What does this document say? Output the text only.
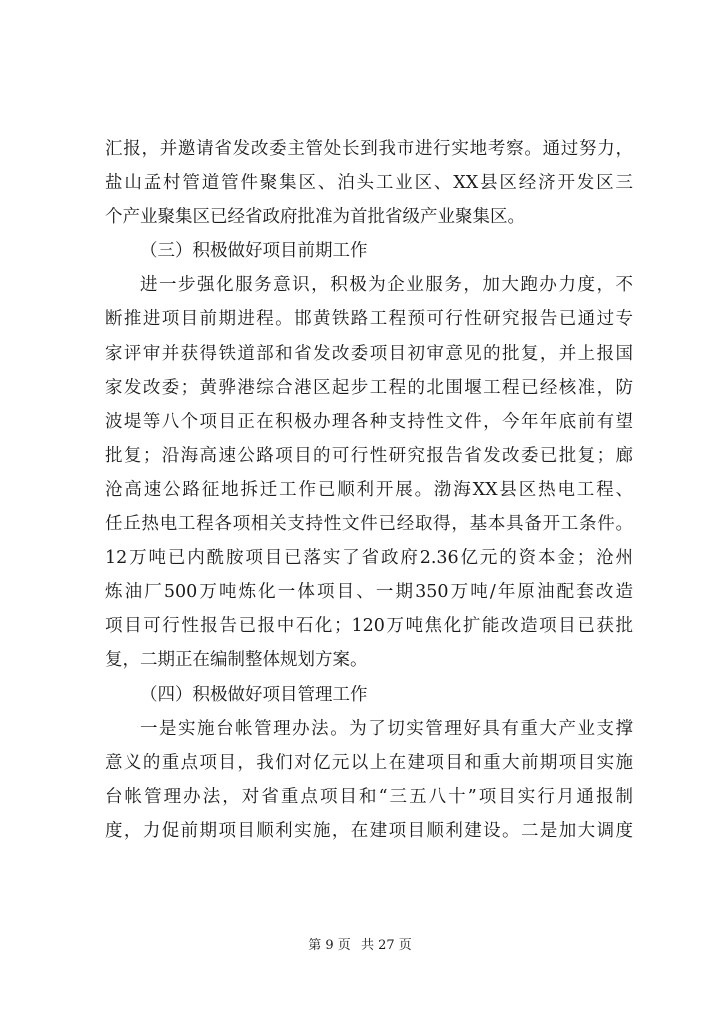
汇报，并邀请省发改委主管处长到我市进行实地考察。通过努力，
盐山孟村管道管件聚集区、泊头工业区、XX县区经济开发区三
个产业聚集区已经省政府批准为首批省级产业聚集区。
（三）积极做好项目前期工作
进一步强化服务意识，积极为企业服务，加大跑办力度，不
断推进项目前期进程。邯黄铁路工程预可行性研究报告已通过专
家评审并获得铁道部和省发改委项目初审意见的批复，并上报国
家发改委；黄骅港综合港区起步工程的北围堰工程已经核准，防
波堤等八个项目正在积极办理各种支持性文件，今年年底前有望
批复；沿海高速公路项目的可行性研究报告省发改委已批复；廊
沧高速公路征地拆迁工作已顺利开展。渤海XX县区热电工程、
任丘热电工程各项相关支持性文件已经取得，基本具备开工条件。
12万吨已内酰胺项目已落实了省政府2.36亿元的资本金；沧州
炼油厂500万吨炼化一体项目、一期350万吨/年原油配套改造
项目可行性报告已报中石化；120万吨焦化扩能改造项目已获批
复，二期正在编制整体规划方案。
（四）积极做好项目管理工作
一是实施台帐管理办法。为了切实管理好具有重大产业支撑
意义的重点项目，我们对亿元以上在建项目和重大前期项目实施
台帐管理办法，对省重点项目和“三五八十”项目实行月通报制
度，力促前期项目顺利实施，在建项目顺利建设。二是加大调度
第 9 页 共 27 页
